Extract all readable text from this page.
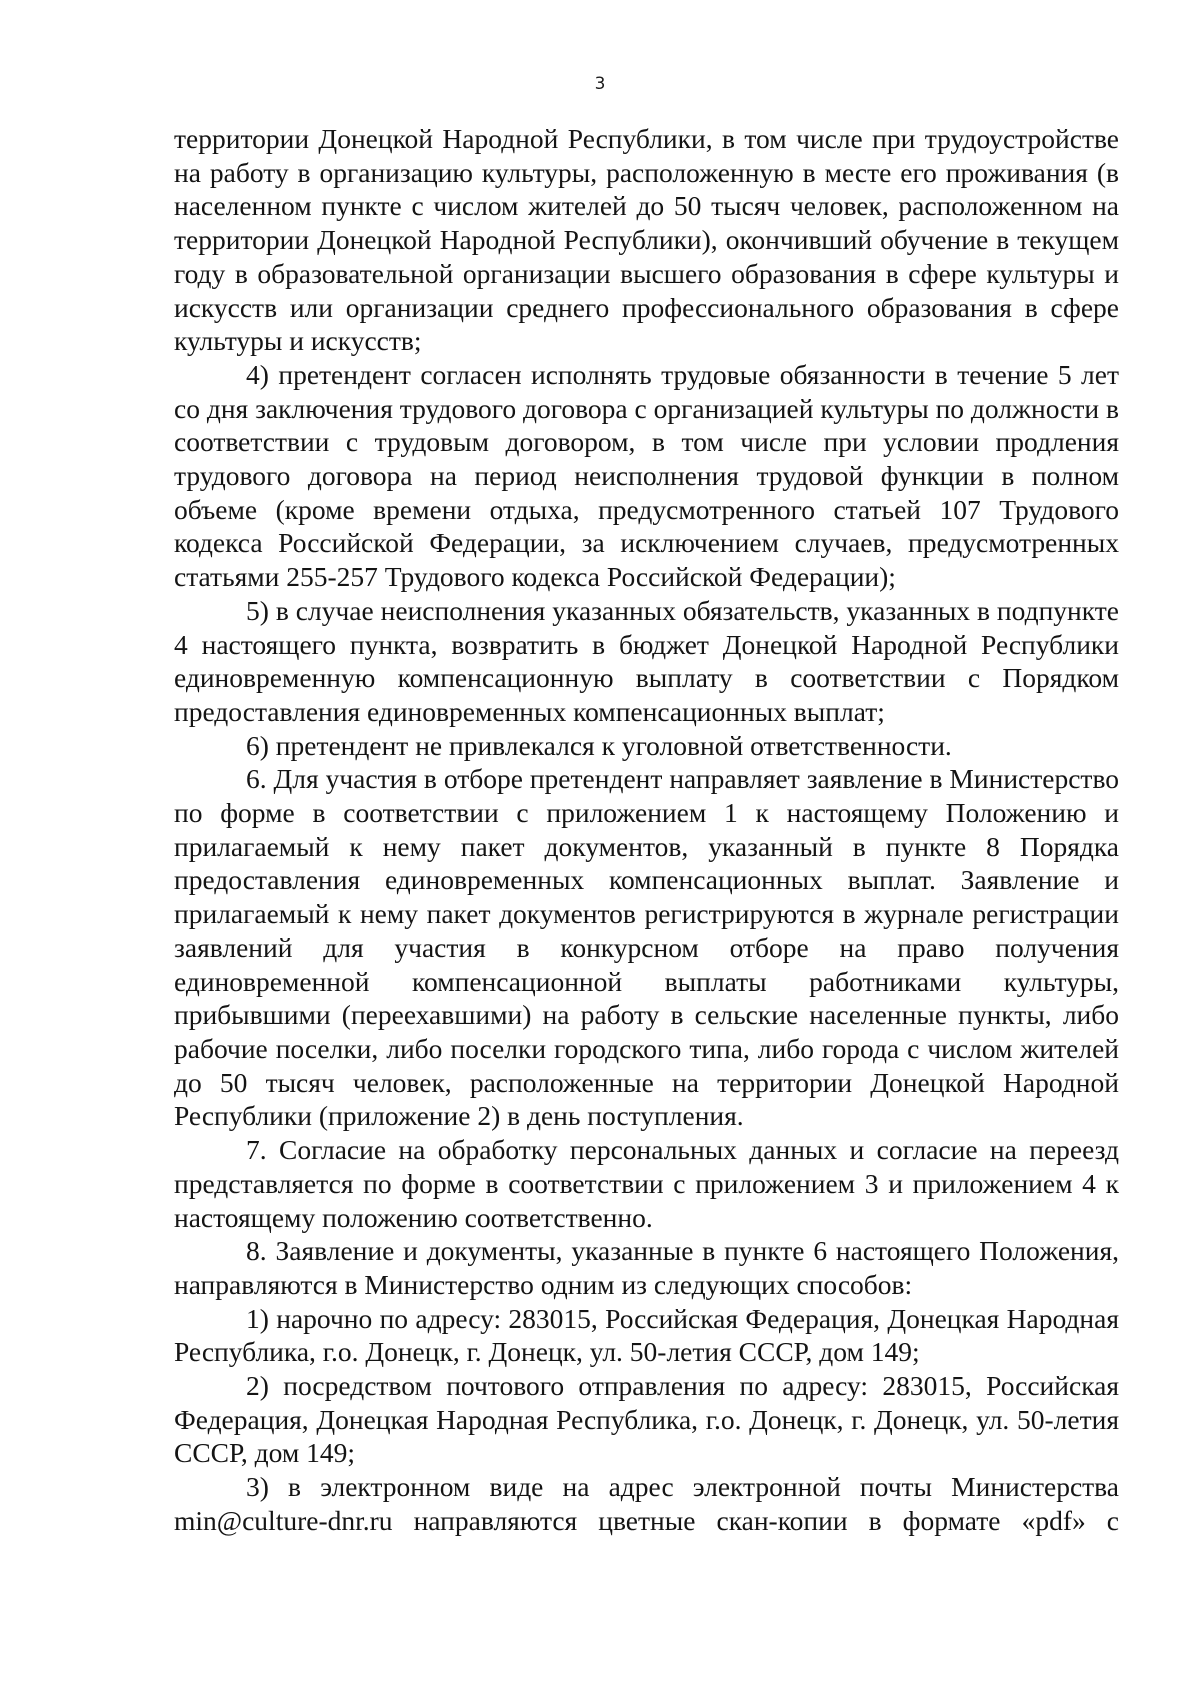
3

территории Донецкой Народной Республики, в том числе при трудоустройстве на работу в организацию культуры, расположенную в месте его проживания (в населенном пункте с числом жителей до 50 тысяч человек, расположенном на территории Донецкой Народной Республики), окончивший обучение в текущем году в образовательной организации высшего образования в сфере культуры и искусств или организации среднего профессионального образования в сфере культуры и искусств;

4) претендент согласен исполнять трудовые обязанности в течение 5 лет со дня заключения трудового договора с организацией культуры по должности в соответствии с трудовым договором, в том числе при условии продления трудового договора на период неисполнения трудовой функции в полном объеме (кроме времени отдыха, предусмотренного статьей 107 Трудового кодекса Российской Федерации, за исключением случаев, предусмотренных статьями 255-257 Трудового кодекса Российской Федерации);

5) в случае неисполнения указанных обязательств, указанных в подпункте 4 настоящего пункта, возвратить в бюджет Донецкой Народной Республики единовременную компенсационную выплату в соответствии с Порядком предоставления единовременных компенсационных выплат;

6) претендент не привлекался к уголовной ответственности.

6. Для участия в отборе претендент направляет заявление в Министерство по форме в соответствии с приложением 1 к настоящему Положению и прилагаемый к нему пакет документов, указанный в пункте 8 Порядка предоставления единовременных компенсационных выплат. Заявление и прилагаемый к нему пакет документов регистрируются в журнале регистрации заявлений для участия в конкурсном отборе на право получения единовременной компенсационной выплаты работниками культуры, прибывшими (переехавшими) на работу в сельские населенные пункты, либо рабочие поселки, либо поселки городского типа, либо города с числом жителей до 50 тысяч человек, расположенные на территории Донецкой Народной Республики (приложение 2) в день поступления.

7. Согласие на обработку персональных данных и согласие на переезд представляется по форме в соответствии с приложением 3 и приложением 4 к настоящему положению соответственно.

8. Заявление и документы, указанные в пункте 6 настоящего Положения, направляются в Министерство одним из следующих способов:

1) нарочно по адресу: 283015, Российская Федерация, Донецкая Народная Республика, г.о. Донецк, г. Донецк, ул. 50-летия СССР, дом 149;

2) посредством почтового отправления по адресу: 283015, Российская Федерация, Донецкая Народная Республика, г.о. Донецк, г. Донецк, ул. 50-летия СССР, дом 149;

3) в электронном виде на адрес электронной почты Министерства min@culture-dnr.ru направляются цветные скан-копии в формате «pdf» с
